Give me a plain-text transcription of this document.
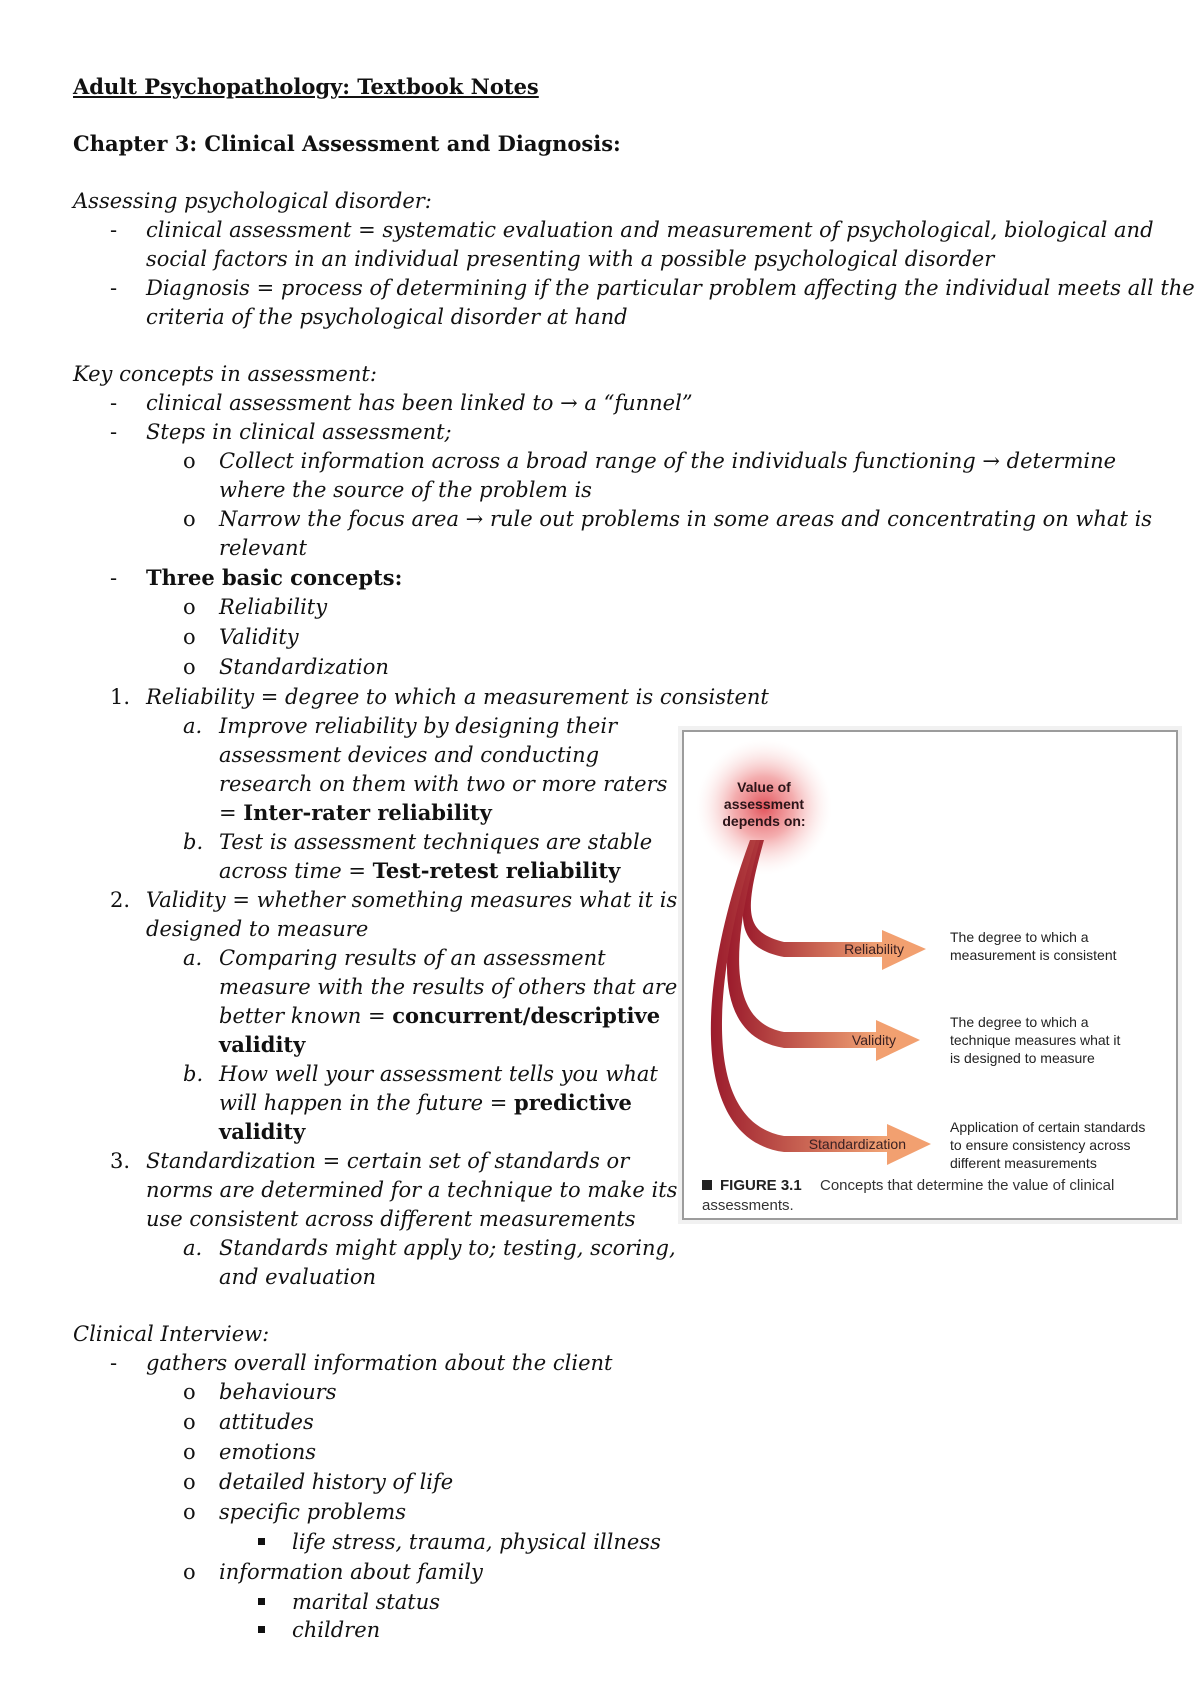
Adult Psychopathology: Textbook Notes
Chapter 3: Clinical Assessment and Diagnosis:
Assessing psychological disorder:
- clinical assessment = systematic evaluation and measurement of psychological, biological and
social factors in an individual presenting with a possible psychological disorder
- Diagnosis = process of determining if the particular problem affecting the individual meets all the
criteria of the psychological disorder at hand
Key concepts in assessment:
- clinical assessment has been linked to → a “funnel”
- Steps in clinical assessment;
o Collect information across a broad range of the individuals functioning → determine
where the source of the problem is
o Narrow the focus area → rule out problems in some areas and concentrating on what is
relevant
- Three basic concepts:
o Reliability
o Validity
o Standardization
1. Reliability = degree to which a measurement is consistent
a. Improve reliability by designing their
assessment devices and conducting
research on them with two or more raters
= Inter-rater reliability
b. Test is assessment techniques are stable
across time = Test-retest reliability
2. Validity = whether something measures what it is
designed to measure
a. Comparing results of an assessment
measure with the results of others that are
better known = concurrent/descriptive
validity
b. How well your assessment tells you what
will happen in the future = predictive
validity
3. Standardization = certain set of standards or
norms are determined for a technique to make its
use consistent across different measurements
a. Standards might apply to; testing, scoring,
and evaluation
Clinical Interview:
- gathers overall information about the client
o behaviours
o attitudes
o emotions
o detailed history of life
o specific problems
life stress, trauma, physical illness
o information about family
marital status
children
Value of
assessment
depends on:
Reliability
Validity
Standardization
The degree to which a
measurement is consistent
The degree to which a
technique measures what it
is designed to measure
Application of certain standards
to ensure consistency across
different measurements
FIGURE 3.1 Concepts that determine the value of clinical
assessments.
